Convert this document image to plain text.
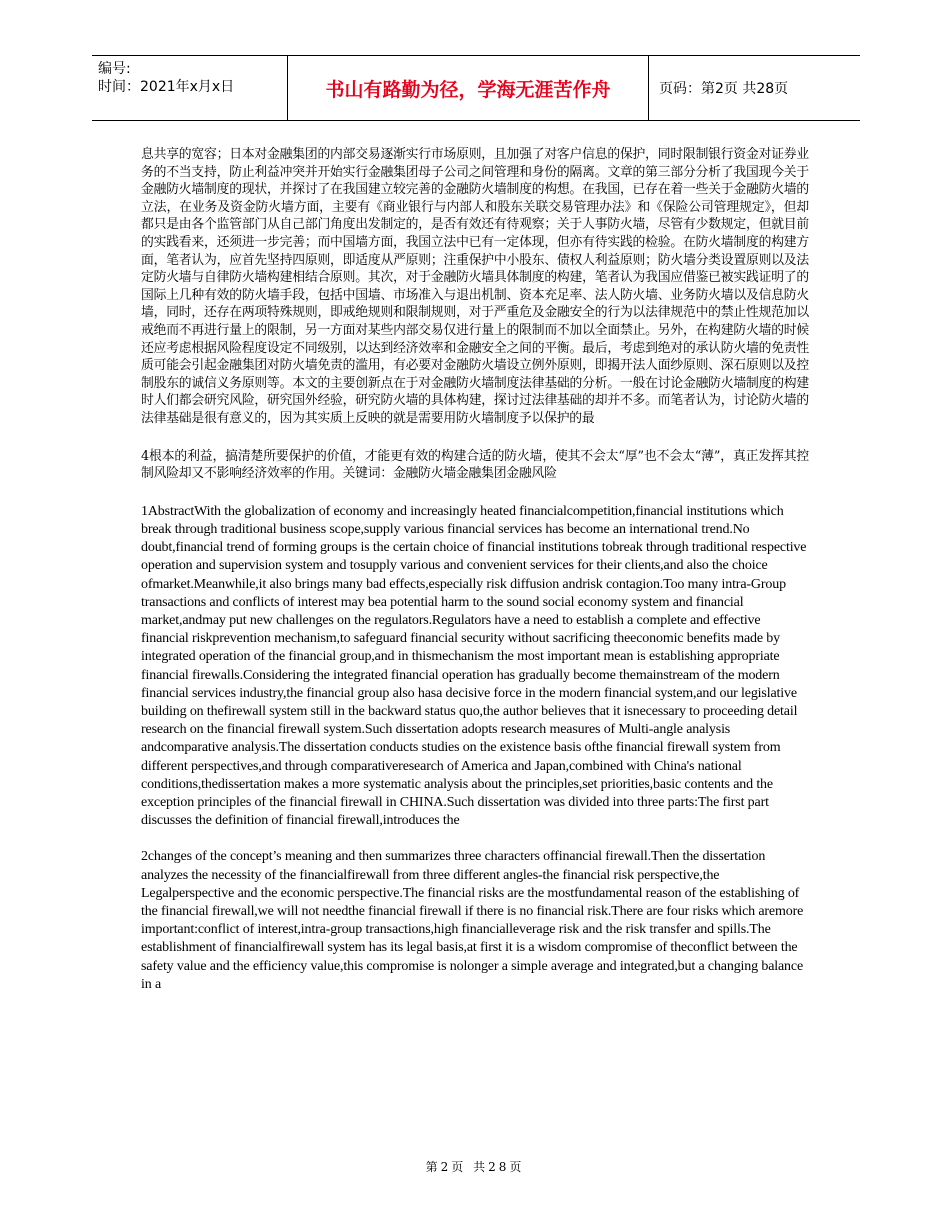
编号:
时间：2021年x月x日	书山有路勤为径，学海无涯苦作舟	页码：第2页 共28页

息共享的宽容；日本对金融集团的内部交易逐渐实行市场原则，且加强了对客户信息的保护，同时限制银行资金对证券业务的不当支持，防止利益冲突并开始实行金融集团母子公司之间管理和身份的隔离。文章的第三部分分析了我国现今关于金融防火墙制度的现状，并探讨了在我国建立较完善的金融防火墙制度的构想。在我国，已存在着一些关于金融防火墙的立法，在业务及资金防火墙方面，主要有《商业银行与内部人和股东关联交易管理办法》和《保险公司管理规定》，但却都只是由各个监管部门从自己部门角度出发制定的，是否有效还有待观察；关于人事防火墙，尽管有少数规定，但就目前的实践看来，还须进一步完善；而中国墙方面，我国立法中已有一定体现，但亦有待实践的检验。在防火墙制度的构建方面，笔者认为，应首先坚持四原则，即适度从严原则；注重保护中小股东、债权人利益原则；防火墙分类设置原则以及法定防火墙与自律防火墙构建相结合原则。其次，对于金融防火墙具体制度的构建，笔者认为我国应借鉴已被实践证明了的国际上几种有效的防火墙手段，包括中国墙、市场准入与退出机制、资本充足率、法人防火墙、业务防火墙以及信息防火墙，同时，还存在两项特殊规则，即戒绝规则和限制规则，对于严重危及金融安全的行为以法律规范中的禁止性规范加以戒绝而不再进行量上的限制，另一方面对某些内部交易仅进行量上的限制而不加以全面禁止。另外，在构建防火墙的时候还应考虑根据风险程度设定不同级别，以达到经济效率和金融安全之间的平衡。最后，考虑到绝对的承认防火墙的免责性质可能会引起金融集团对防火墙免责的滥用，有必要对金融防火墙设立例外原则，即揭开法人面纱原则、深石原则以及控制股东的诚信义务原则等。本文的主要创新点在于对金融防火墙制度法律基础的分析。一般在讨论金融防火墙制度的构建时人们都会研究风险，研究国外经验，研究防火墙的具体构建，探讨过法律基础的却并不多。而笔者认为，讨论防火墙的法律基础是很有意义的，因为其实质上反映的就是需要用防火墙制度予以保护的最

4根本的利益，搞清楚所要保护的价值，才能更有效的构建合适的防火墙，使其不会太“厚”也不会太“薄”，真正发挥其控制风险却又不影响经济效率的作用。关键词：金融防火墙金融集团金融风险

1AbstractWith the globalization of economy and increasingly heated financialcompetition,financial institutions which break through traditional business scope,supply various financial services has become an international trend.No doubt,financial trend of forming groups is the certain choice of financial institutions tobreak through traditional respective operation and supervision system and tosupply various and convenient services for their clients,and also the choice ofmarket.Meanwhile,it also brings many bad effects,especially risk diffusion andrisk contagion.Too many intra-Group transactions and conflicts of interest may bea potential harm to the sound social economy system and financial market,andmay put new challenges on the regulators.Regulators have a need to establish a complete and effective financial riskprevention mechanism,to safeguard financial security without sacrificing theeconomic benefits made by integrated operation of the financial group,and in thismechanism the most important mean is establishing appropriate financial firewalls.Considering the integrated financial operation has gradually become themainstream of the modern financial services industry,the financial group also hasa decisive force in the modern financial system,and our legislative building on thefirewall system still in the backward status quo,the author believes that it isnecessary to proceeding detail research on the financial firewall system.Such dissertation adopts research measures of Multi-angle analysis andcomparative analysis.The dissertation conducts studies on the existence basis ofthe financial firewall system from different perspectives,and through comparativeresearch of America and Japan,combined with China's national conditions,thedissertation makes a more systematic analysis about the principles,set priorities,basic contents and the exception principles of the financial firewall in CHINA.Such dissertation was divided into three parts:The first part discusses the definition of financial firewall,introduces the

2changes of the concept’s meaning and then summarizes three characters offinancial firewall.Then the dissertation analyzes the necessity of the financialfirewall from three different angles-the financial risk perspective,the Legalperspective and the economic perspective.The financial risks are the mostfundamental reason of the establishing of the financial firewall,we will not needthe financial firewall if there is no financial risk.There are four risks which aremore important:conflict of interest,intra-group transactions,high financialleverage risk and the risk transfer and spills.The establishment of financialfirewall system has its legal basis,at first it is a wisdom compromise of theconflict between the safety value and the efficiency value,this compromise is nolonger a simple average and integrated,but a changing balance in a

第2页 共28页
